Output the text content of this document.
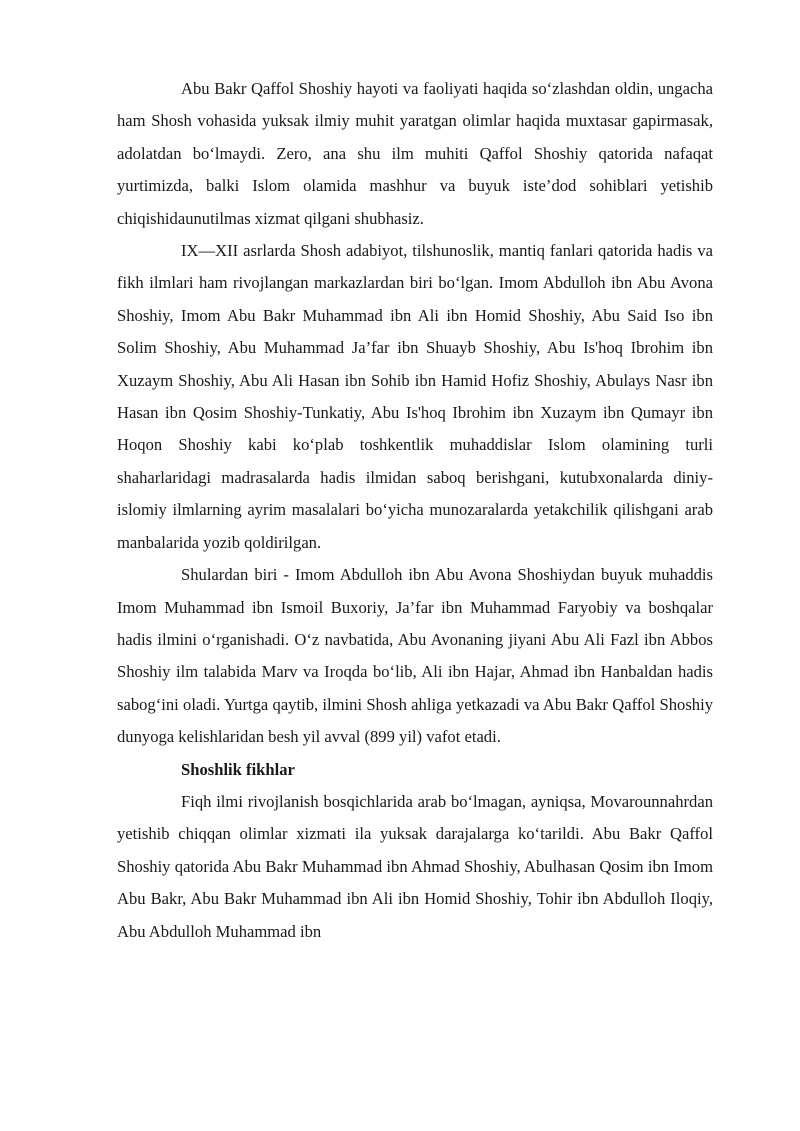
Abu Bakr Qaffol Shoshiy hayoti va faoliyati haqida so‘zlashdan oldin, ungacha ham Shosh vohasida yuksak ilmiy muhit yaratgan olimlar haqida muxtasar gapirmasak, adolatdan bo‘lmaydi. Zero, ana shu ilm muhiti Qaffol Shoshiy qatorida nafaqat yurtimizda, balki Islom olamida mashhur va buyuk iste’dod sohiblari yetishib chiqishidaunutilmas xizmat qilgani shubhasiz.

IX—XII asrlarda Shosh adabiyot, tilshunoslik, mantiq fanlari qatorida hadis va fikh ilmlari ham rivojlangan markazlardan biri bo‘lgan. Imom Abdulloh ibn Abu Avona Shoshiy, Imom Abu Bakr Muhammad ibn Ali ibn Homid Shoshiy, Abu Said Iso ibn Solim Shoshiy, Abu Muhammad Ja’far ibn Shuayb Shoshiy, Abu Is'hoq Ibrohim ibn Xuzaym Shoshiy, Abu Ali Hasan ibn Sohib ibn Hamid Hofiz Shoshiy, Abulays Nasr ibn Hasan ibn Qosim Shoshiy-Tunkatiy, Abu Is'hoq Ibrohim ibn Xuzaym ibn Qumayr ibn Hoqon Shoshiy kabi ko‘plab toshkentlik muhaddislar Islom olamining turli shaharlaridagi madrasalarda hadis ilmidan saboq berishgani, kutubxonalarda diniy-islomiy ilmlarning ayrim masalalari bo‘yicha munozaralarda yetakchilik qilishgani arab manbalarida yozib qoldirilgan.

Shulardan biri - Imom Abdulloh ibn Abu Avona Shoshiydan buyuk muhaddis Imom Muhammad ibn Ismoil Buxoriy, Ja’far ibn Muhammad Faryobiy va boshqalar hadis ilmini o‘rganishadi. O‘z navbatida, Abu Avonaning jiyani Abu Ali Fazl ibn Abbos Shoshiy ilm talabida Marv va Iroqda bo‘lib, Ali ibn Hajar, Ahmad ibn Hanbaldan hadis sabog‘ini oladi. Yurtga qaytib, ilmini Shosh ahliga yetkazadi va Abu Bakr Qaffol Shoshiy dunyoga kelishlaridan besh yil avval (899 yil) vafot etadi.

Shoshlik fikhlar

Fiqh ilmi rivojlanish bosqichlarida arab bo‘lmagan, ayniqsa, Movarounnahrdan yetishib chiqqan olimlar xizmati ila yuksak darajalarga ko‘tarildi. Abu Bakr Qaffol Shoshiy qatorida Abu Bakr Muhammad ibn Ahmad Shoshiy, Abulhasan Qosim ibn Imom Abu Bakr, Abu Bakr Muhammad ibn Ali ibn Homid Shoshiy, Tohir ibn Abdulloh Iloqiy, Abu Abdulloh Muhammad ibn
